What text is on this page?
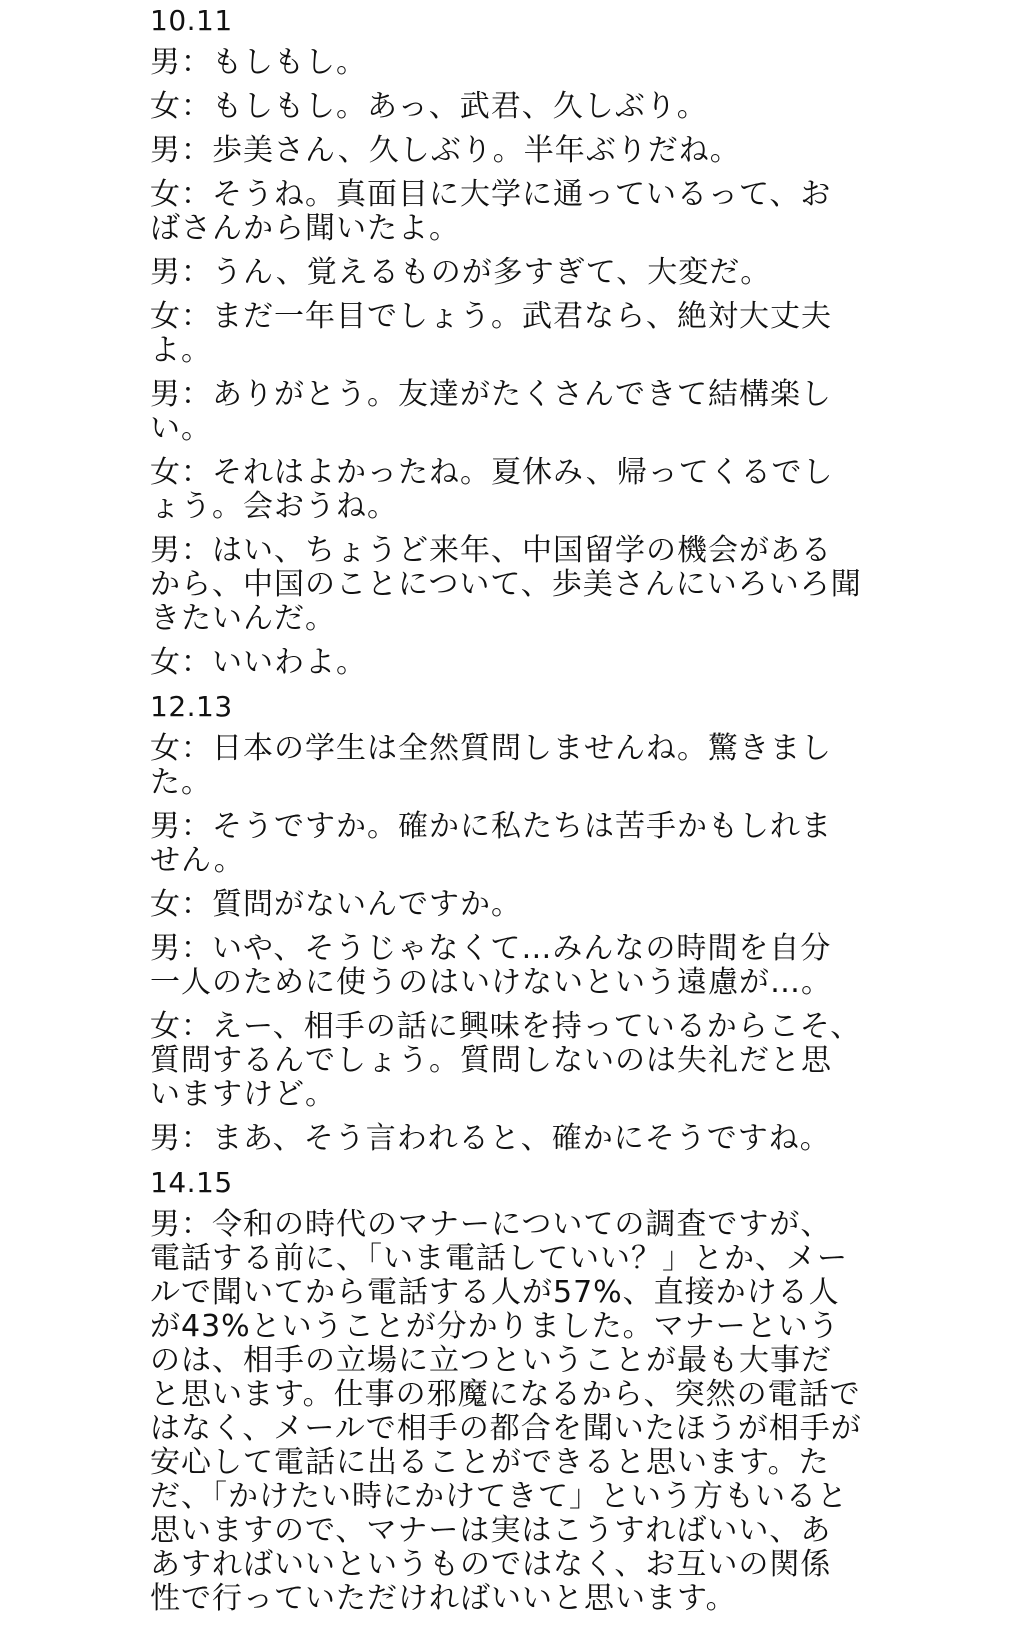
10.11
男：もしもし。
女：もしもし。あっ、武君、久しぶり。
男：歩美さん、久しぶり。半年ぶりだね。
女：そうね。真面目に大学に通っているって、おばさんから聞いたよ。
男：うん、覚えるものが多すぎて、大変だ。
女：まだ一年目でしょう。武君なら、絶対大丈夫よ。
男：ありがとう。友達がたくさんできて結構楽しい。
女：それはよかったね。夏休み、帰ってくるでしょう。会おうね。
男：はい、ちょうど来年、中国留学の機会があるから、中国のことについて、歩美さんにいろいろ聞きたいんだ。
女：いいわよ。
12.13
女：日本の学生は全然質問しませんね。驚きました。
男：そうですか。確かに私たちは苦手かもしれません。
女：質問がないんですか。
男：いや、そうじゃなくて…みんなの時間を自分一人のために使うのはいけないという遠慮が…。
女：えー、相手の話に興味を持っているからこそ、質問するんでしょう。質問しないのは失礼だと思いますけど。
男：まあ、そう言われると、確かにそうですね。
14.15
男：令和の時代のマナーについての調査ですが、電話する前に、「いま電話していい？」とか、メールで聞いてから電話する人が57%、直接かける人が43%ということが分かりました。マナーというのは、相手の立場に立つということが最も大事だと思います。仕事の邪魔になるから、突然の電話ではなく、メールで相手の都合を聞いたほうが相手が安心して電話に出ることができると思います。ただ、「かけたい時にかけてきて」という方もいると思いますので、マナーは実はこうすればいい、ああすればいいというものではなく、お互いの関係性で行っていただければいいと思います。
